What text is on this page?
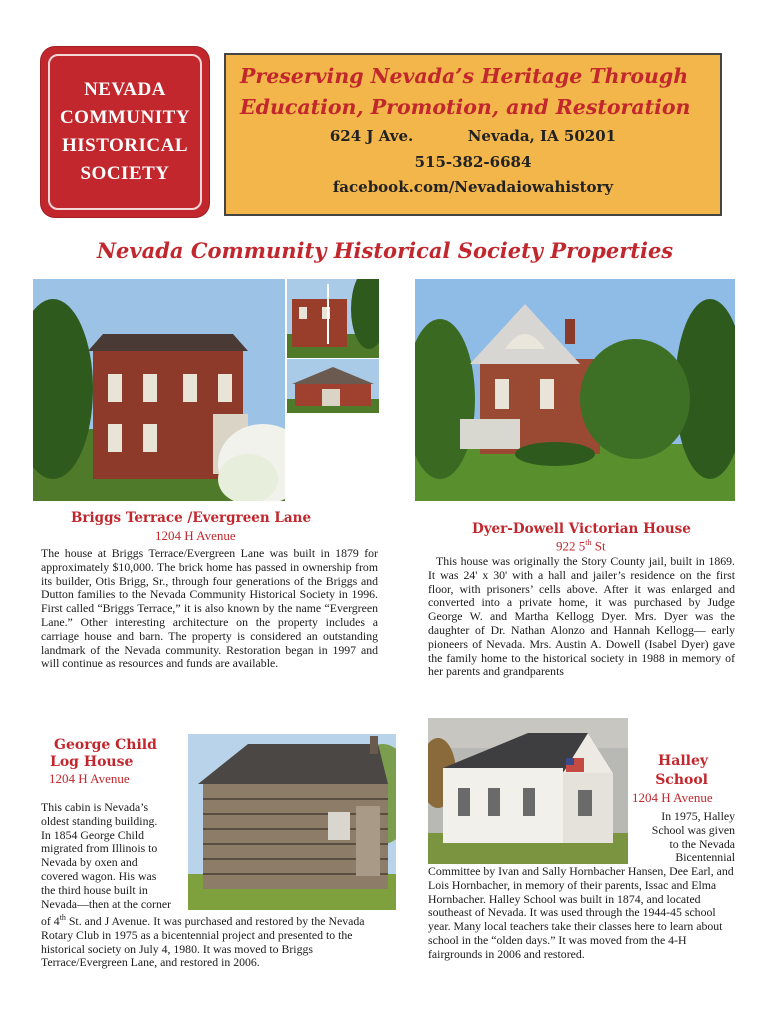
NEVADA
COMMUNITY
HISTORICAL
SOCIETY
Preserving Nevada’s Heritage Through
Education, Promotion, and Restoration
624 J Ave.	Nevada, IA 50201
515-382-6684
facebook.com/Nevadaiowahistory
Nevada Community Historical Society Properties
Briggs Terrace /Evergreen Lane
1204 H Avenue
The house at Briggs Terrace/Evergreen Lane was built in 1879 for approximately $10,000. The brick home has passed in ownership from its builder, Otis Brigg, Sr., through four generations of the Briggs and Dutton families to the Nevada Community Historical Society in 1996. First called “Briggs Terrace,” it is also known by the name “Evergreen Lane.” Other interesting architecture on the property includes a carriage house and barn. The property is considered an outstanding landmark of the Nevada community. Restoration began in 1997 and will continue as resources and funds are available.
Dyer-Dowell Victorian House
922 5th St
This house was originally the Story County jail, built in 1869. It was 24' x 30' with a hall and jailer’s residence on the first floor, with prisoners’ cells above. After it was enlarged and converted into a private home, it was purchased by Judge George W. and Martha Kellogg Dyer. Mrs. Dyer was the daughter of Dr. Nathan Alonzo and Hannah Kellogg— early pioneers of Nevada. Mrs. Austin A. Dowell (Isabel Dyer) gave the family home to the historical society in 1988 in memory of her parents and grandparents
George Child
Log House
1204 H Avenue

This cabin is Nevada’s

oldest standing building.

In 1854 George Child

migrated from Illinois to

Nevada by oxen and

covered wagon. His was

the third house built in

Nevada—then at the corner

of 4th St. and J Avenue. It was purchased and restored by the Nevada Rotary Club in 1975 as a bicentennial project and presented to the historical society on July 4, 1980. It was moved to Briggs Terrace/Evergreen Lane, and restored in 2006.
Halley
School
1204 H Avenue

In 1975, Halley

School was given

to the Nevada

Bicentennial

Committee by Ivan and Sally Hornbacher Hansen, Dee Earl, and Lois Hornbacher, in memory of their parents, Issac and Elma Hornbacher. Halley School was built in 1874, and located southeast of Nevada. It was used through the 1944-45 school year. Many local teachers take their classes here to learn about school in the “olden days.” It was moved from the 4-H fairgrounds in 2006 and restored.
